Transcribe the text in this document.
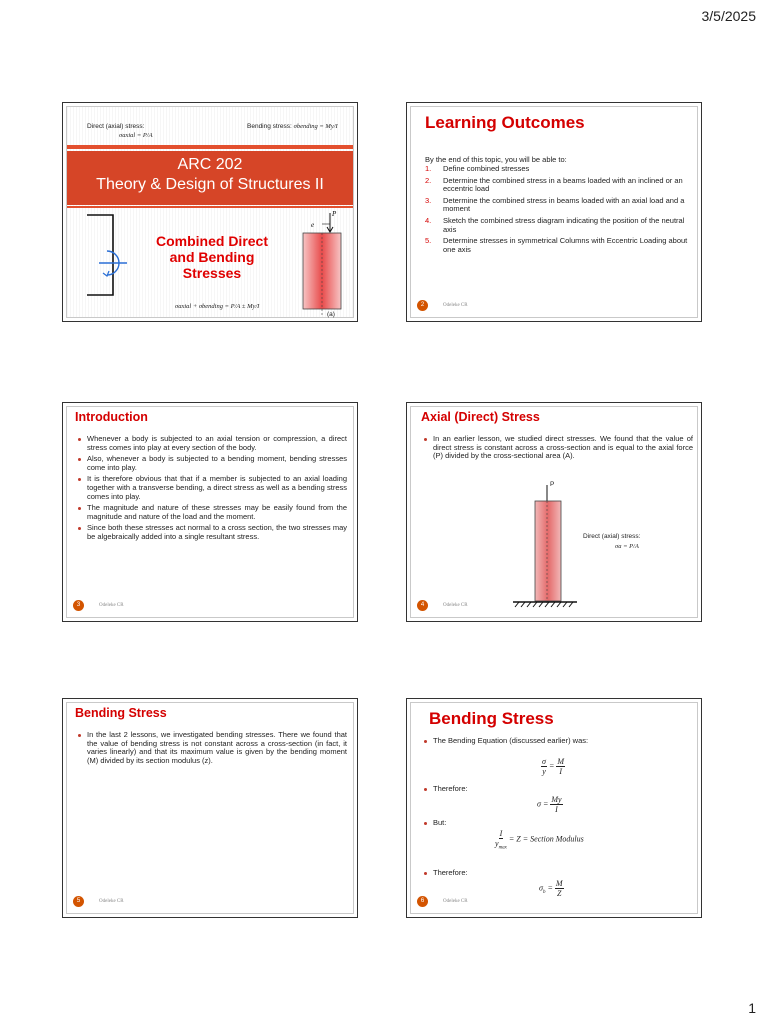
3/5/2025
Direct (axial) stress:
σaxial = P/A
Bending stress: σbending = My/I
ARC 202
Theory & Design of Structures II
Combined Direct and Bending Stresses
σaxial + σbending = P/A ± My/I
P
e
(a)
Learning Outcomes
By the end of this topic, you will be able to:
1. Define combined stresses
2. Determine the combined stress in a beams loaded with an inclined or an eccentric load
3. Determine the combined stress in beams loaded with an axial load and a moment
4. Sketch the combined stress diagram indicating the position of the neutral axis
5. Determine stresses in symmetrical Columns with Eccentric Loading about one axis
2	Odeleke CR
Introduction
Whenever a body is subjected to an axial tension or compression, a direct stress comes into play at every section of the body.
Also, whenever a body is subjected to a bending moment, bending stresses come into play.
It is therefore obvious that that if a member is subjected to an axial loading together with a transverse bending, a direct stress as well as a bending stress comes into play.
The magnitude and nature of these stresses may be easily found from the magnitude and nature of the load and the moment.
Since both these stresses act normal to a cross section, the two stresses may be algebraically added into a single resultant stress.
3	Odeleke CR
Axial (Direct) Stress
In an earlier lesson, we studied direct stresses. We found that the value of direct stress is constant across a cross-section and is equal to the axial force (P) divided by the cross-sectional area (A).
P
Direct (axial) stress:
σa = P/A
4	Odeleke CR
Bending Stress
In the last 2 lessons, we investigated bending stresses. There we found that the value of bending stress is not constant across a cross-section (in fact, it varies linearly) and that its maximum value is given by the bending moment (M) divided by its section modulus (z).
5	Odeleke CR
Bending Stress
The Bending Equation (discussed earlier) was:
$\frac{\sigma}{y} = \frac{M}{I}$
Therefore:
$\sigma = \frac{My}{I}$
But:
$\frac{I}{y_{max}} = Z$ = Section Modulus
Therefore:
$\sigma_b = \frac{M}{Z}$
6	Odeleke CR
1
